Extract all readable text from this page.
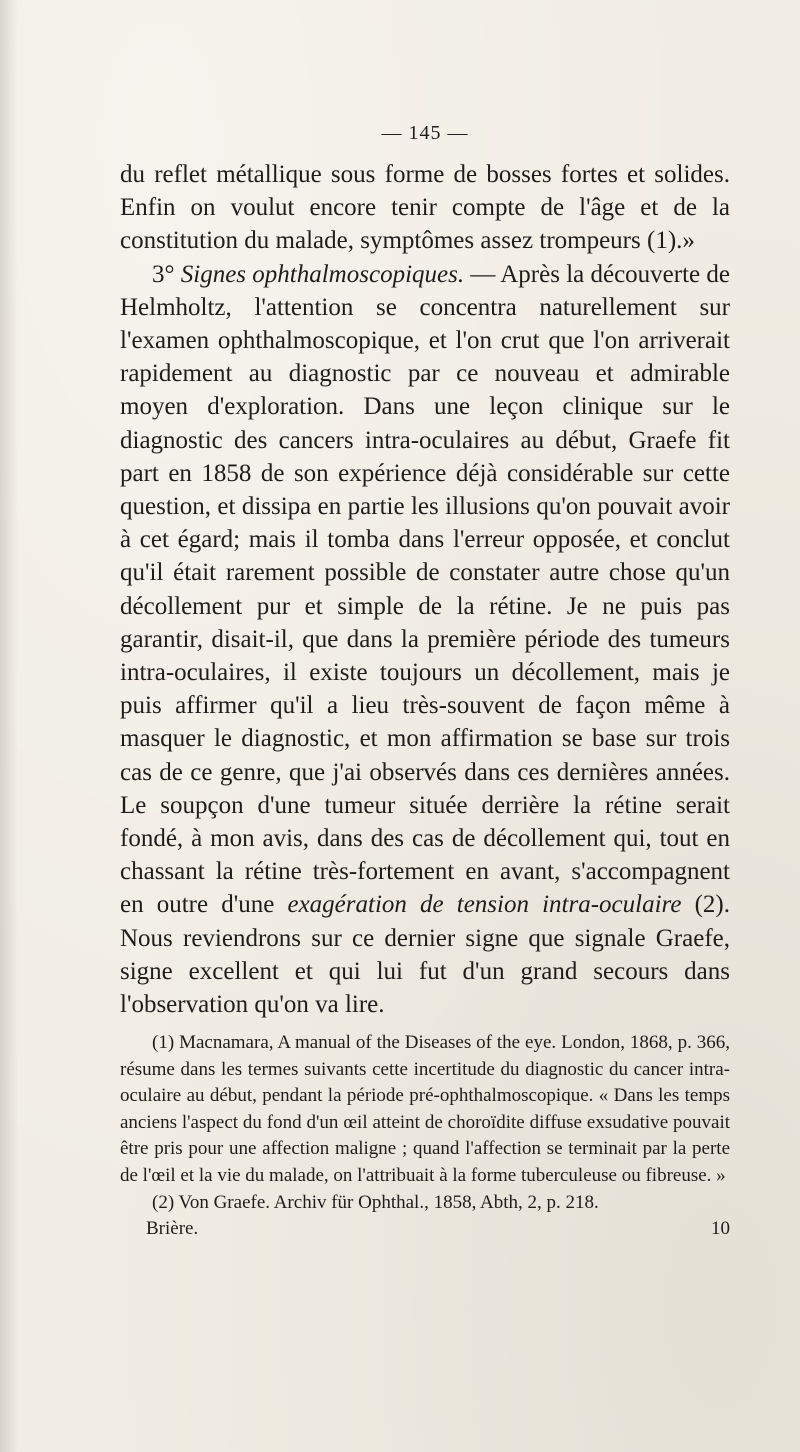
— 145 —

du reflet métallique sous forme de bosses fortes et solides. Enfin on voulut encore tenir compte de l'âge et de la constitution du malade, symptômes assez trompeurs (1).»

3° Signes ophthalmoscopiques. — Après la découverte de Helmholtz, l'attention se concentra naturellement sur l'examen ophthalmoscopique, et l'on crut que l'on arriverait rapidement au diagnostic par ce nouveau et admirable moyen d'exploration. Dans une leçon clinique sur le diagnostic des cancers intra-oculaires au début, Graefe fit part en 1858 de son expérience déjà considérable sur cette question, et dissipa en partie les illusions qu'on pouvait avoir à cet égard; mais il tomba dans l'erreur opposée, et conclut qu'il était rarement possible de constater autre chose qu'un décollement pur et simple de la rétine. Je ne puis pas garantir, disait-il, que dans la première période des tumeurs intra-oculaires, il existe toujours un décollement, mais je puis affirmer qu'il a lieu très-souvent de façon même à masquer le diagnostic, et mon affirmation se base sur trois cas de ce genre, que j'ai observés dans ces dernières années. Le soupçon d'une tumeur située derrière la rétine serait fondé, à mon avis, dans des cas de décollement qui, tout en chassant la rétine très-fortement en avant, s'accompagnent en outre d'une exagération de tension intra-oculaire (2). Nous reviendrons sur ce dernier signe que signale Graefe, signe excellent et qui lui fut d'un grand secours dans l'observation qu'on va lire.

(1) Macnamara, A manual of the Diseases of the eye. London, 1868, p. 366, résume dans les termes suivants cette incertitude du diagnostic du cancer intra-oculaire au début, pendant la période pré-ophthalmoscopique. « Dans les temps anciens l'aspect du fond d'un œil atteint de choroïdite diffuse exsudative pouvait être pris pour une affection maligne ; quand l'affection se terminait par la perte de l'œil et la vie du malade, on l'attribuait à la forme tuberculeuse ou fibreuse. »

(2) Von Graefe. Archiv für Ophthal., 1858, Abth, 2, p. 218.

Brière.	10
